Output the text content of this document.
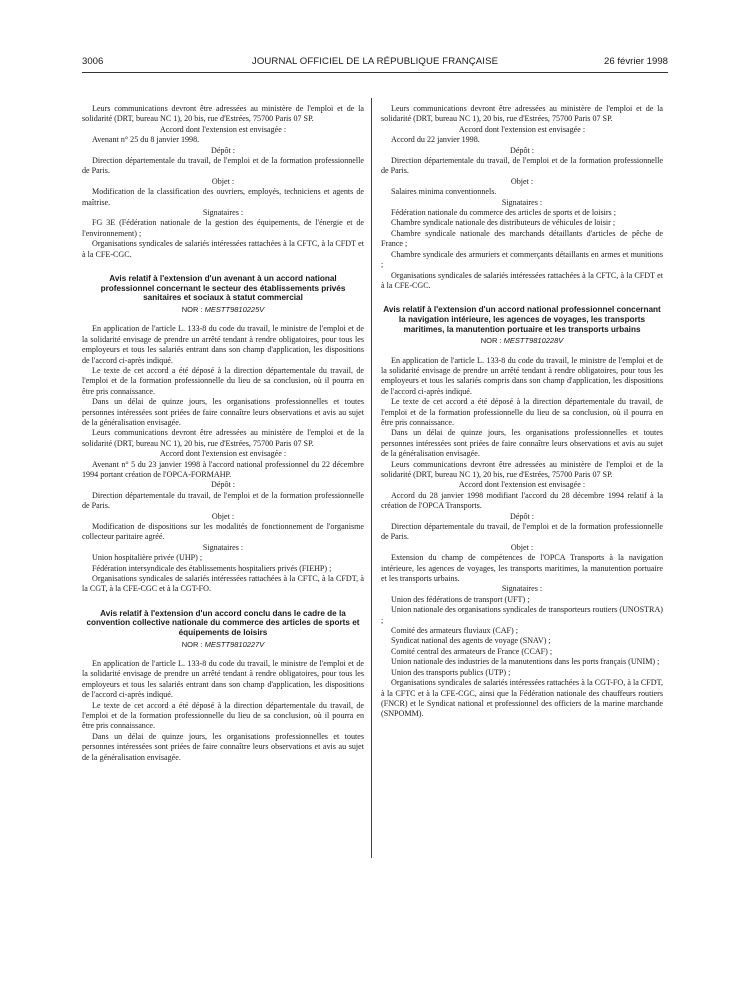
3006	JOURNAL OFFICIEL DE LA RÉPUBLIQUE FRANÇAISE	26 février 1998

Leurs communications devront être adressées au ministère de l'emploi et de la solidarité (DRT, bureau NC 1), 20 bis, rue d'Estrées, 75700 Paris 07 SP.

Accord dont l'extension est envisagée :

Avenant n° 25 du 8 janvier 1998.

Dépôt :

Direction départementale du travail, de l'emploi et de la formation professionnelle de Paris.

Objet :

Modification de la classification des ouvriers, employés, techniciens et agents de maîtrise.

Signataires :

FG 3E (Fédération nationale de la gestion des équipements, de l'énergie et de l'environnement) ;

Organisations syndicales de salariés intéressées rattachées à la CFTC, à la CFDT et à la CFE-CGC.

Avis relatif à l'extension d'un avenant à un accord national professionnel concernant le secteur des établissements privés sanitaires et sociaux à statut commercial

NOR : MESTT9810225V

En application de l'article L. 133-8 du code du travail, le ministre de l'emploi et de la solidarité envisage de prendre un arrêté tendant à rendre obligatoires, pour tous les employeurs et tous les salariés entrant dans son champ d'application, les dispositions de l'accord ci-après indiqué.

Le texte de cet accord a été déposé à la direction départementale du travail, de l'emploi et de la formation professionnelle du lieu de sa conclusion, où il pourra en être pris connaissance.

Dans un délai de quinze jours, les organisations professionnelles et toutes personnes intéressées sont priées de faire connaître leurs observations et avis au sujet de la généralisation envisagée.

Leurs communications devront être adressées au ministère de l'emploi et de la solidarité (DRT, bureau NC 1), 20 bis, rue d'Estrées, 75700 Paris 07 SP.

Accord dont l'extension est envisagée :

Avenant n° 5 du 23 janvier 1998 à l'accord national professionnel du 22 décembre 1994 portant création de l'OPCA-FORMAHP.

Dépôt :

Direction départementale du travail, de l'emploi et de la formation professionnelle de Paris.

Objet :

Modification de dispositions sur les modalités de fonctionnement de l'organisme collecteur paritaire agréé.

Signataires :

Union hospitalière privée (UHP) ;

Fédération intersyndicale des établissements hospitaliers privés (FIEHP) ;

Organisations syndicales de salariés intéressées rattachées à la CFTC, à la CFDT, à la CGT, à la CFE-CGC et à la CGT-FO.

Avis relatif à l'extension d'un accord conclu dans le cadre de la convention collective nationale du commerce des articles de sports et équipements de loisirs

NOR : MESTT9810227V

En application de l'article L. 133-8 du code du travail, le ministre de l'emploi et de la solidarité envisage de prendre un arrêté tendant à rendre obligatoires, pour tous les employeurs et tous les salariés entrant dans son champ d'application, les dispositions de l'accord ci-après indiqué.

Le texte de cet accord a été déposé à la direction départementale du travail, de l'emploi et de la formation professionnelle du lieu de sa conclusion, où il pourra en être pris connaissance.

Dans un délai de quinze jours, les organisations professionnelles et toutes personnes intéressées sont priées de faire connaître leurs observations et avis au sujet de la généralisation envisagée.

Leurs communications devront être adressées au ministère de l'emploi et de la solidarité (DRT, bureau NC 1), 20 bis, rue d'Estrées, 75700 Paris 07 SP.

Accord dont l'extension est envisagée :

Accord du 22 janvier 1998.

Dépôt :

Direction départementale du travail, de l'emploi et de la formation professionnelle de Paris.

Objet :

Salaires minima conventionnels.

Signataires :

Fédération nationale du commerce des articles de sports et de loisirs ;

Chambre syndicale nationale des distributeurs de véhicules de loisir ;

Chambre syndicale nationale des marchands détaillants d'articles de pêche de France ;

Chambre syndicale des armuriers et commerçants détaillants en armes et munitions ;

Organisations syndicales de salariés intéressées rattachées à la CFTC, à la CFDT et à la CFE-CGC.

Avis relatif à l'extension d'un accord national professionnel concernant la navigation intérieure, les agences de voyages, les transports maritimes, la manutention portuaire et les transports urbains

NOR : MESTT9810228V

En application de l'article L. 133-8 du code du travail, le ministre de l'emploi et de la solidarité envisage de prendre un arrêté tendant à rendre obligatoires, pour tous les employeurs et tous les salariés compris dans son champ d'application, les dispositions de l'accord ci-après indiqué.

Le texte de cet accord a été déposé à la direction départementale du travail, de l'emploi et de la formation professionnelle du lieu de sa conclusion, où il pourra en être pris connaissance.

Dans un délai de quinze jours, les organisations professionnelles et toutes personnes intéressées sont priées de faire connaître leurs observations et avis au sujet de la généralisation envisagée.

Leurs communications devront être adressées au ministère de l'emploi et de la solidarité (DRT, bureau NC 1), 20 bis, rue d'Estrées, 75700 Paris 07 SP.

Accord dont l'extension est envisagée :

Accord du 28 janvier 1998 modifiant l'accord du 28 décembre 1994 relatif à la création de l'OPCA Transports.

Dépôt :

Direction départementale du travail, de l'emploi et de la formation professionnelle de Paris.

Objet :

Extension du champ de compétences de l'OPCA Transports à la navigation intérieure, les agences de voyages, les transports maritimes, la manutention portuaire et les transports urbains.

Signataires :

Union des fédérations de transport (UFT) ;

Union nationale des organisations syndicales de transporteurs routiers (UNOSTRA) ;

Comité des armateurs fluviaux (CAF) ;

Syndicat national des agents de voyage (SNAV) ;

Comité central des armateurs de France (CCAF) ;

Union nationale des industries de la manutentions dans les ports français (UNIM) ;

Union des transports publics (UTP) ;

Organisations syndicales de salariés intéressées rattachées à la CGT-FO, à la CFDT, à la CFTC et à la CFE-CGC, ainsi que la Fédération nationale des chauffeurs routiers (FNCR) et le Syndicat national et professionnel des officiers de la marine marchande (SNPOMM).
